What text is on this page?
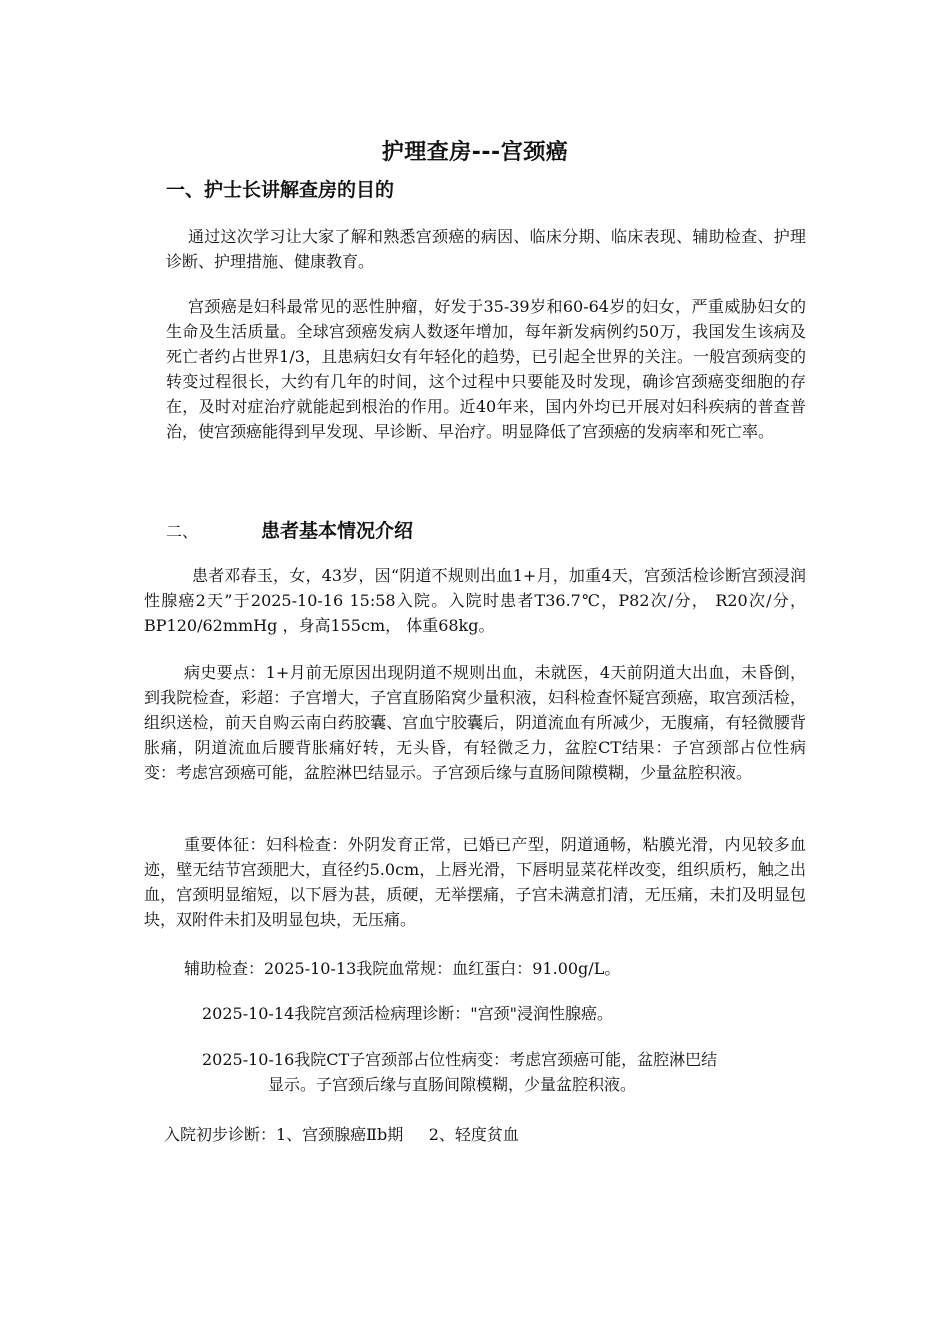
护理查房---宫颈癌
一、护士长讲解查房的目的

通过这次学习让大家了解和熟悉宫颈癌的病因、临床分期、临床表现、辅助检查、护理诊断、护理措施、健康教育。

宫颈癌是妇科最常见的恶性肿瘤，好发于35-39岁和60-64岁的妇女，严重威胁妇女的生命及生活质量。全球宫颈癌发病人数逐年增加，每年新发病例约50万，我国发生该病及死亡者约占世界1/3，且患病妇女有年轻化的趋势，已引起全世界的关注。一般宫颈病变的转变过程很长，大约有几年的时间，这个过程中只要能及时发现，确诊宫颈癌变细胞的存在，及时对症治疗就能起到根治的作用。近40年来，国内外均已开展对妇科疾病的普查普治，使宫颈癌能得到早发现、早诊断、早治疗。明显降低了宫颈癌的发病率和死亡率。

二、	患者基本情况介绍

患者邓春玉，女，43岁，因“阴道不规则出血1+月，加重4天，宫颈活检诊断宫颈浸润性腺癌2天”于2025-10-16 15:58入院。入院时患者T36.7℃，P82次/分， R20次/分，BP120/62mmHg ，身高155cm， 体重68kg。

病史要点：1+月前无原因出现阴道不规则出血，未就医，4天前阴道大出血，未昏倒，到我院检查，彩超：子宫增大，子宫直肠陷窝少量积液，妇科检查怀疑宫颈癌，取宫颈活检，组织送检，前天自购云南白药胶囊、宫血宁胶囊后，阴道流血有所减少，无腹痛，有轻微腰背胀痛，阴道流血后腰背胀痛好转，无头昏，有轻微乏力，盆腔CT结果：子宫颈部占位性病变：考虑宫颈癌可能，盆腔淋巴结显示。子宫颈后缘与直肠间隙模糊，少量盆腔积液。

重要体征：妇科检查：外阴发育正常，已婚已产型，阴道通畅，粘膜光滑，内见较多血迹，壁无结节宫颈肥大，直径约5.0cm，上唇光滑，下唇明显菜花样改变，组织质朽，触之出血，宫颈明显缩短，以下唇为甚，质硬，无举摆痛，子宫未满意扪清，无压痛，未扪及明显包块，双附件未扪及明显包块，无压痛。

辅助检查：2025-10-13我院血常规：血红蛋白：91.00g/L。

2025-10-14我院宫颈活检病理诊断："宫颈"浸润性腺癌。

2025-10-16我院CT子宫颈部占位性病变：考虑宫颈癌可能，盆腔淋巴结
显示。子宫颈后缘与直肠间隙模糊，少量盆腔积液。

入院初步诊断：1、宫颈腺癌Ⅱb期     2、轻度贫血
